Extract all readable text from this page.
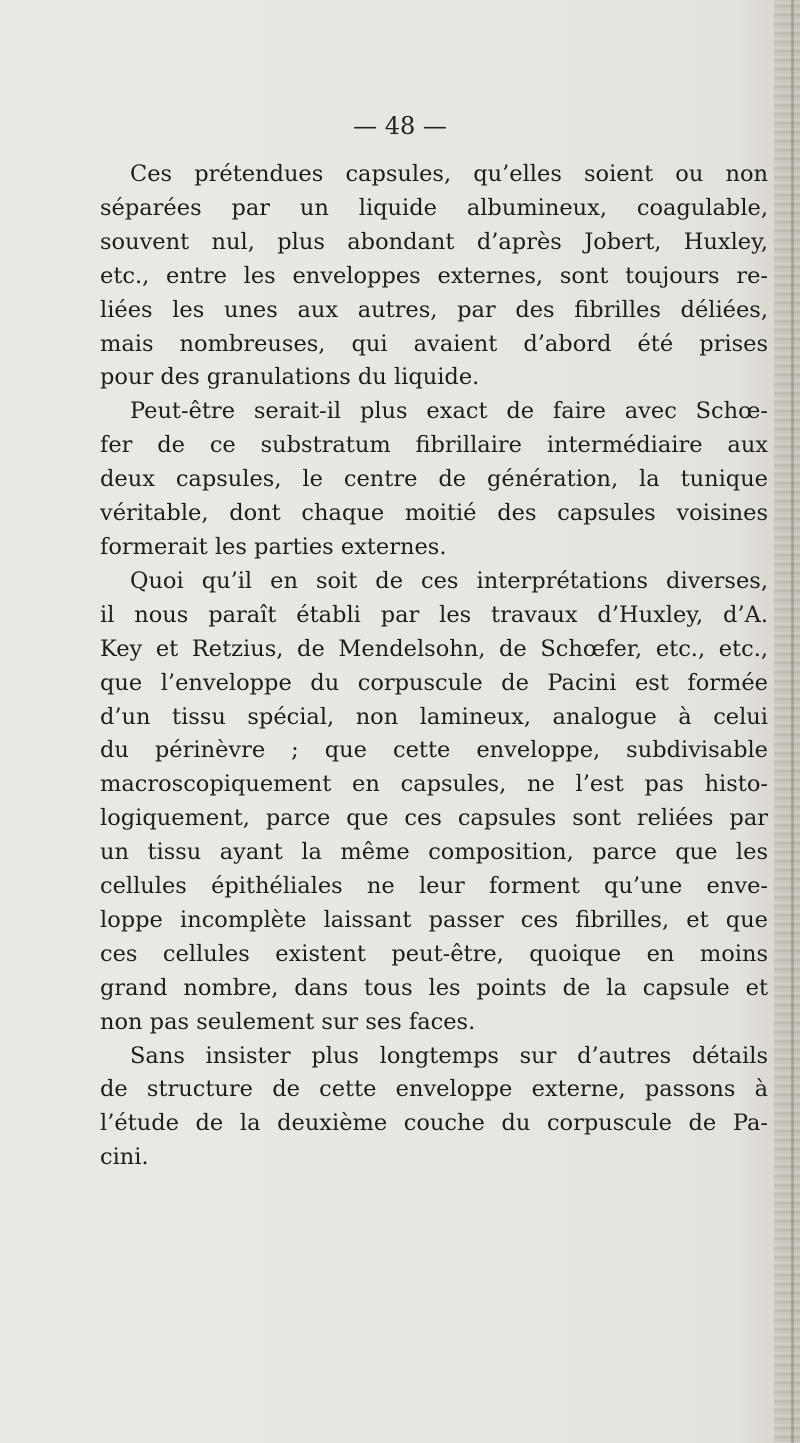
— 48 —

Ces prétendues capsules, qu’elles soient ou non
séparées par un liquide albumineux, coagulable,
souvent nul, plus abondant d’après Jobert, Huxley,
etc., entre les enveloppes externes, sont toujours re-
liées les unes aux autres, par des fibrilles déliées,
mais nombreuses, qui avaient d’abord été prises
pour des granulations du liquide.
Peut-être serait-il plus exact de faire avec Schœ-
fer de ce substratum fibrillaire intermédiaire aux
deux capsules, le centre de génération, la tunique
véritable, dont chaque moitié des capsules voisines
formerait les parties externes.
Quoi qu’il en soit de ces interprétations diverses,
il nous paraît établi par les travaux d’Huxley, d’A.
Key et Retzius, de Mendelsohn, de Schœfer, etc., etc.,
que l’enveloppe du corpuscule de Pacini est formée
d’un tissu spécial, non lamineux, analogue à celui
du périnèvre ; que cette enveloppe, subdivisable
macroscopiquement en capsules, ne l’est pas histo-
logiquement, parce que ces capsules sont reliées par
un tissu ayant la même composition, parce que les
cellules épithéliales ne leur forment qu’une enve-
loppe incomplète laissant passer ces fibrilles, et que
ces cellules existent peut-être, quoique en moins
grand nombre, dans tous les points de la capsule et
non pas seulement sur ses faces.
Sans insister plus longtemps sur d’autres détails
de structure de cette enveloppe externe, passons à
l’étude de la deuxième couche du corpuscule de Pa-
cini.
